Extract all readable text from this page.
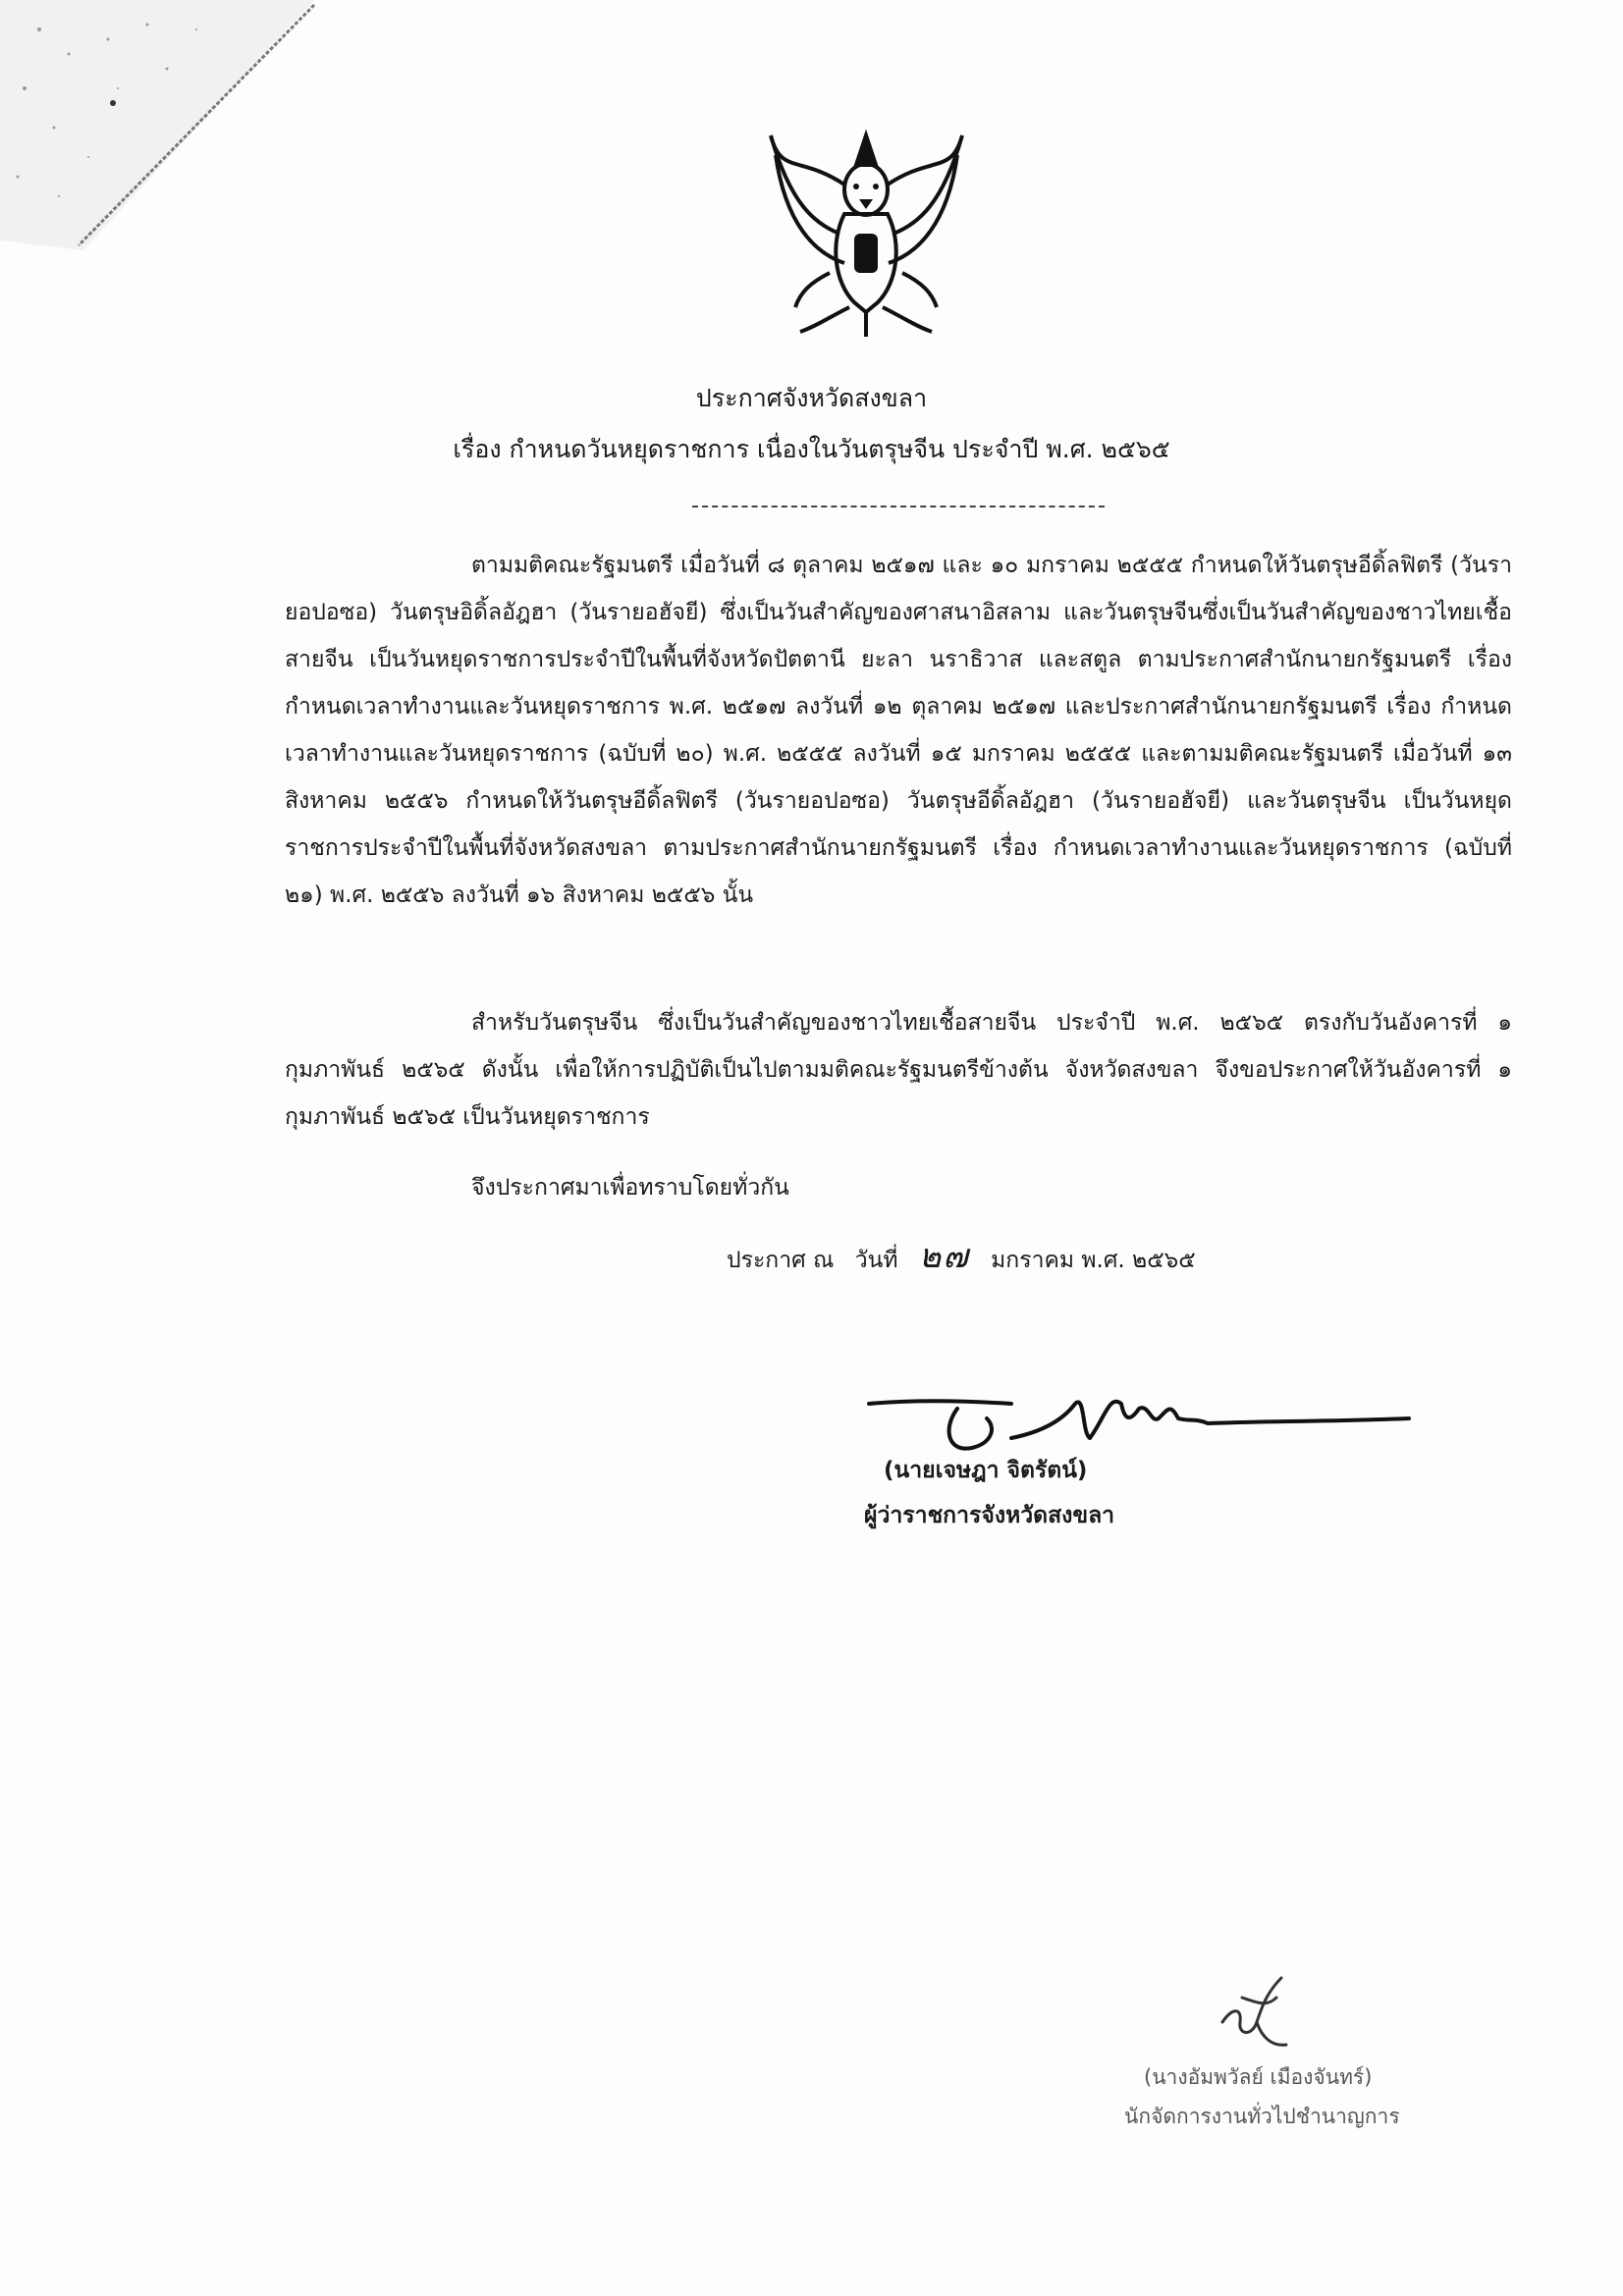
ประกาศจังหวัดสงขลา
เรื่อง กำหนดวันหยุดราชการ เนื่องในวันตรุษจีน ประจำปี พ.ศ. ๒๕๖๕

ตามมติคณะรัฐมนตรี เมื่อวันที่ ๘ ตุลาคม ๒๕๑๗ และ ๑๐ มกราคม ๒๕๕๕ กำหนดให้วันตรุษอีดิ้ลฟิตรี (วันรายอปอซอ) วันตรุษอิดิ้ลอัฎฮา (วันรายอฮัจยี) ซึ่งเป็นวันสำคัญของศาสนาอิสลาม และวันตรุษจีนซึ่งเป็นวันสำคัญของชาวไทยเชื้อสายจีน เป็นวันหยุดราชการประจำปีในพื้นที่จังหวัดปัตตานี ยะลา นราธิวาส และสตูล ตามประกาศสำนักนายกรัฐมนตรี เรื่อง กำหนดเวลาทำงานและวันหยุดราชการ พ.ศ. ๒๕๑๗ ลงวันที่ ๑๒ ตุลาคม ๒๕๑๗ และประกาศสำนักนายกรัฐมนตรี เรื่อง กำหนดเวลาทำงานและวันหยุดราชการ (ฉบับที่ ๒๐) พ.ศ. ๒๕๕๕ ลงวันที่ ๑๕ มกราคม ๒๕๕๕ และตามมติคณะรัฐมนตรี เมื่อวันที่ ๑๓ สิงหาคม ๒๕๕๖ กำหนดให้วันตรุษอีดิ้ลฟิตรี (วันรายอปอซอ) วันตรุษอีดิ้ลอัฎฮา (วันรายอฮัจยี) และวันตรุษจีน เป็นวันหยุดราชการประจำปีในพื้นที่จังหวัดสงขลา ตามประกาศสำนักนายกรัฐมนตรี เรื่อง กำหนดเวลาทำงานและวันหยุดราชการ (ฉบับที่ ๒๑) พ.ศ. ๒๕๕๖ ลงวันที่ ๑๖ สิงหาคม ๒๕๕๖ นั้น

สำหรับวันตรุษจีน ซึ่งเป็นวันสำคัญของชาวไทยเชื้อสายจีน ประจำปี พ.ศ. ๒๕๖๕ ตรงกับวันอังคารที่ ๑ กุมภาพันธ์ ๒๕๖๕ ดังนั้น เพื่อให้การปฏิบัติเป็นไปตามมติคณะรัฐมนตรีข้างต้น จังหวัดสงขลา จึงขอประกาศให้วันอังคารที่ ๑ กุมภาพันธ์ ๒๕๖๕ เป็นวันหยุดราชการ

จึงประกาศมาเพื่อทราบโดยทั่วกัน

ประกาศ ณ วันที่ ๒๗ มกราคม พ.ศ. ๒๕๖๕
(นายเจษฎา จิตรัตน์)
ผู้ว่าราชการจังหวัดสงขลา
(นางอัมพวัลย์ เมืองจันทร์)
นักจัดการงานทั่วไปชำนาญการ
